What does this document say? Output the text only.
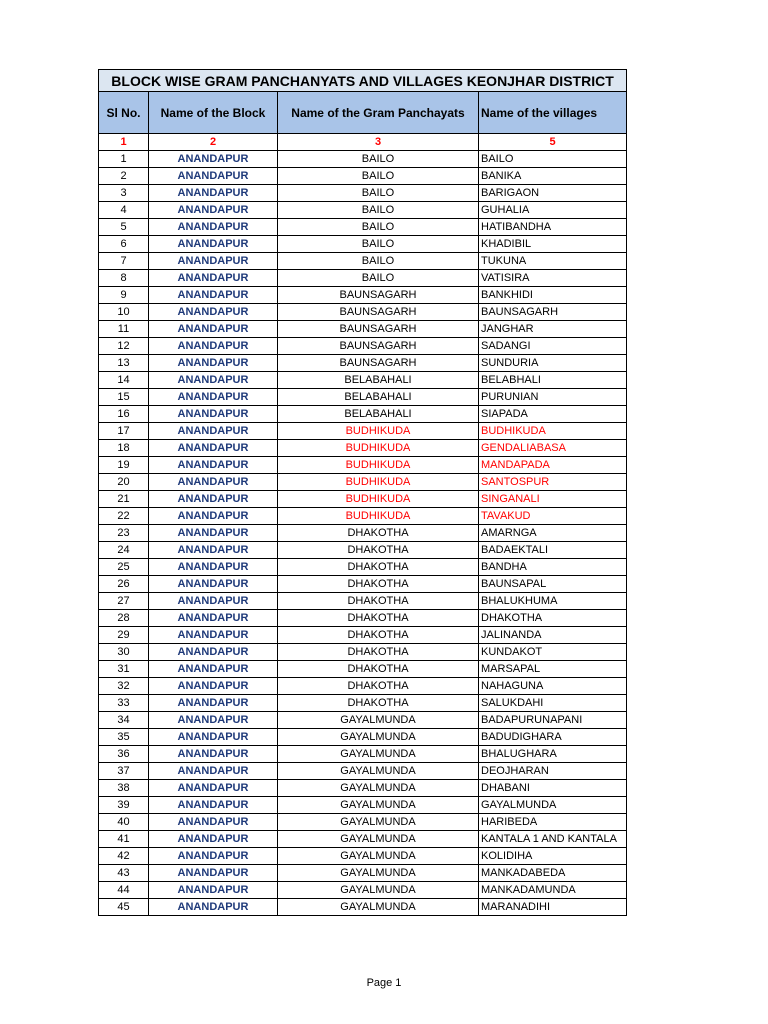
BLOCK WISE GRAM PANCHANYATS AND VILLAGES KEONJHAR DISTRICT			
Sl No.	Name of the Block	Name of the Gram Panchayats	Name of the villages
1	2	3	5
1	ANANDAPUR	BAILO	BAILO
2	ANANDAPUR	BAILO	BANIKA
3	ANANDAPUR	BAILO	BARIGAON
4	ANANDAPUR	BAILO	GUHALIA
5	ANANDAPUR	BAILO	HATIBANDHA
6	ANANDAPUR	BAILO	KHADIBIL
7	ANANDAPUR	BAILO	TUKUNA
8	ANANDAPUR	BAILO	VATISIRA
9	ANANDAPUR	BAUNSAGARH	BANKHIDI
10	ANANDAPUR	BAUNSAGARH	BAUNSAGARH
11	ANANDAPUR	BAUNSAGARH	JANGHAR
12	ANANDAPUR	BAUNSAGARH	SADANGI
13	ANANDAPUR	BAUNSAGARH	SUNDURIA
14	ANANDAPUR	BELABAHALI	BELABHALI
15	ANANDAPUR	BELABAHALI	PURUNIAN
16	ANANDAPUR	BELABAHALI	SIAPADA
17	ANANDAPUR	BUDHIKUDA	BUDHIKUDA
18	ANANDAPUR	BUDHIKUDA	GENDALIABASA
19	ANANDAPUR	BUDHIKUDA	MANDAPADA
20	ANANDAPUR	BUDHIKUDA	SANTOSPUR
21	ANANDAPUR	BUDHIKUDA	SINGANALI
22	ANANDAPUR	BUDHIKUDA	TAVAKUD
23	ANANDAPUR	DHAKOTHA	AMARNGA
24	ANANDAPUR	DHAKOTHA	BADAEKTALI
25	ANANDAPUR	DHAKOTHA	BANDHA
26	ANANDAPUR	DHAKOTHA	BAUNSAPAL
27	ANANDAPUR	DHAKOTHA	BHALUKHUMA
28	ANANDAPUR	DHAKOTHA	DHAKOTHA
29	ANANDAPUR	DHAKOTHA	JALINANDA
30	ANANDAPUR	DHAKOTHA	KUNDAKOT
31	ANANDAPUR	DHAKOTHA	MARSAPAL
32	ANANDAPUR	DHAKOTHA	NAHAGUNA
33	ANANDAPUR	DHAKOTHA	SALUKDAHI
34	ANANDAPUR	GAYALMUNDA	BADAPURUNAPANI
35	ANANDAPUR	GAYALMUNDA	BADUDIGHARA
36	ANANDAPUR	GAYALMUNDA	BHALUGHARA
37	ANANDAPUR	GAYALMUNDA	DEOJHARAN
38	ANANDAPUR	GAYALMUNDA	DHABANI
39	ANANDAPUR	GAYALMUNDA	GAYALMUNDA
40	ANANDAPUR	GAYALMUNDA	HARIBEDA
41	ANANDAPUR	GAYALMUNDA	KANTALA 1 AND KANTALA
42	ANANDAPUR	GAYALMUNDA	KOLIDIHA
43	ANANDAPUR	GAYALMUNDA	MANKADABEDA
44	ANANDAPUR	GAYALMUNDA	MANKADAMUNDA
45	ANANDAPUR	GAYALMUNDA	MARANADIHI
Page 1
